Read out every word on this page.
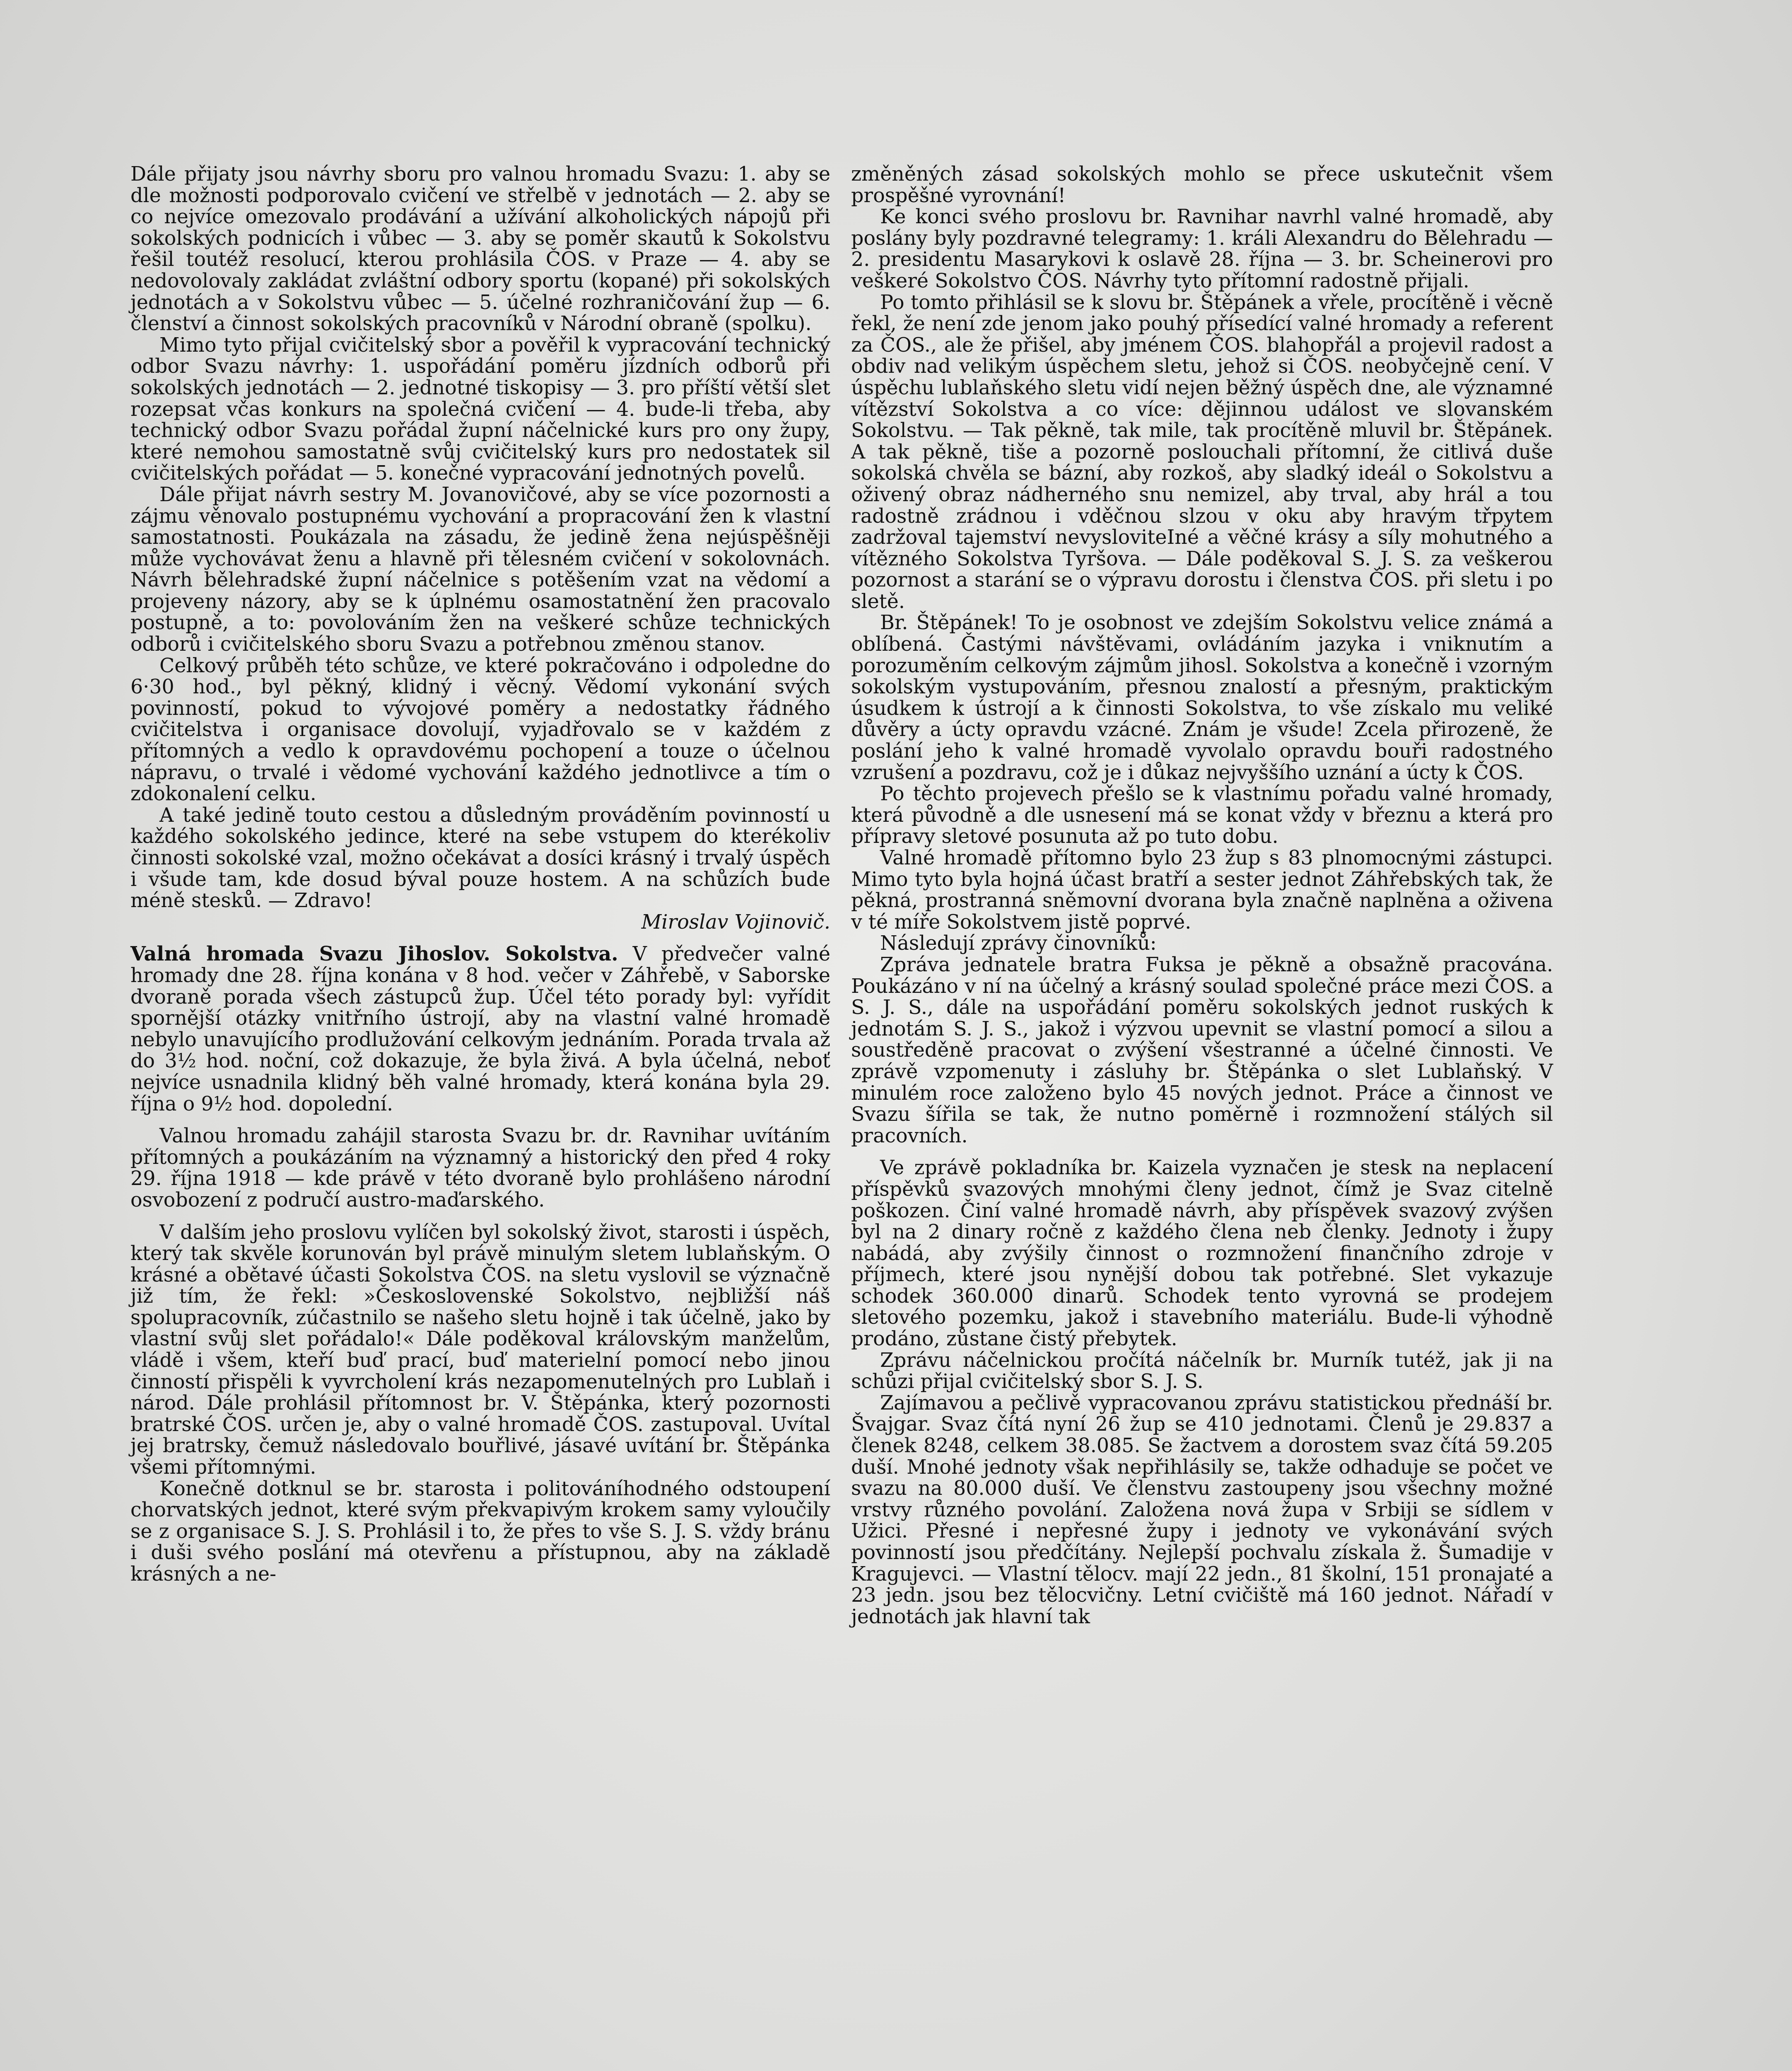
Dále přijaty jsou návrhy sboru pro valnou hromadu Svazu: 1. aby se dle možnosti podporovalo cvičení ve střelbě v jednotách — 2. aby se co nejvíce omezovalo prodávání a užívání alkoholických nápojů při sokolských podnicích i vůbec — 3. aby se poměr skautů k Sokolstvu řešil toutéž resolucí, kterou prohlásila ČOS. v Praze — 4. aby se nedovolovaly zakládat zvláštní odbory sportu (kopané) při sokolských jednotách a v Sokolstvu vůbec — 5. účelné rozhraničování žup — 6. členství a činnost sokolských pracovníků v Národní obraně (spolku).

Mimo tyto přijal cvičitelský sbor a pověřil k vypracování technický odbor Svazu návrhy: 1. uspořádání poměru jízdních odborů při sokolských jednotách — 2. jednotné tiskopisy — 3. pro příští větší slet rozepsat včas konkurs na společná cvičení — 4. bude-li třeba, aby technický odbor Svazu pořádal župní náčelnické kurs pro ony župy, které nemohou samostatně svůj cvičitelský kurs pro nedostatek sil cvičitelských pořádat — 5. konečné vypracování jednotných povelů.

Dále přijat návrh sestry M. Jovanovičové, aby se více pozornosti a zájmu věnovalo postupnému vychování a propracování žen k vlastní samostatnosti. Poukázala na zásadu, že jedině žena nejúspěšněji může vychovávat ženu a hlavně při tělesném cvičení v sokolovnách. Návrh bělehradské župní náčelnice s potěšením vzat na vědomí a projeveny názory, aby se k úplnému osamostatnění žen pracovalo postupně, a to: povolováním žen na veškeré schůze technických odborů i cvičitelského sboru Svazu a potřebnou změnou stanov.

Celkový průběh této schůze, ve které pokračováno i odpoledne do 6·30 hod., byl pěkný, klidný i věcný. Vědomí vykonání svých povinností, pokud to vývojové poměry a nedostatky řádného cvičitelstva i organisace dovolují, vyjadřovalo se v každém z přítomných a vedlo k opravdovému pochopení a touze o účelnou nápravu, o trvalé i vědomé vychování každého jednotlivce a tím o zdokonalení celku.

A také jedině touto cestou a důsledným prováděním povinností u každého sokolského jedince, které na sebe vstupem do kterékoliv činnosti sokolské vzal, možno očekávat a dosíci krásný i trvalý úspěch i všude tam, kde dosud býval pouze hostem. A na schůzích bude méně stesků. — Zdravo!

Miroslav Vojinovič.

Valná hromada Svazu Jihoslov. Sokolstva. V předvečer valné hromady dne 28. října konána v 8 hod. večer v Záhřebě, v Saborske dvoraně porada všech zástupců žup. Účel této porady byl: vyřídit spornější otázky vnitřního ústrojí, aby na vlastní valné hromadě nebylo unavujícího prodlužování celkovým jednáním. Porada trvala až do 3½ hod. noční, což dokazuje, že byla živá. A byla účelná, neboť nejvíce usnadnila klidný běh valné hromady, která konána byla 29. října o 9½ hod. dopolední.

Valnou hromadu zahájil starosta Svazu br. dr. Ravnihar uvítáním přítomných a poukázáním na významný a historický den před 4 roky 29. října 1918 — kde právě v této dvoraně bylo prohlášeno národní osvobození z područí austro-maďarského.

V dalším jeho proslovu vylíčen byl sokolský život, starosti i úspěch, který tak skvěle korunován byl právě minulým sletem lublaňským. O krásné a obětavé účasti Sokolstva ČOS. na sletu vyslovil se význačně již tím, že řekl: »Československé Sokolstvo, nejbližší náš spolupracovník, zúčastnilo se našeho sletu hojně i tak účelně, jako by vlastní svůj slet pořádalo!« Dále poděkoval královským manželům, vládě i všem, kteří buď prací, buď materielní pomocí nebo jinou činností přispěli k vyvrcholení krás nezapomenutelných pro Lublaň i národ. Dále prohlásil přítomnost br. V. Štěpánka, který pozornosti bratrské ČOS. určen je, aby o valné hromadě ČOS. zastupoval. Uvítal jej bratrsky, čemuž následovalo bouřlivé, jásavé uvítání br. Štěpánka všemi přítomnými.

Konečně dotknul se br. starosta i politováníhodného odstoupení chorvatských jednot, které svým překvapivým krokem samy vyloučily se z organisace S. J. S. Prohlásil i to, že přes to vše S. J. S. vždy bránu i duši svého poslání má otevřenu a přístupnou, aby na základě krásných a ne-

změněných zásad sokolských mohlo se přece uskutečnit všem prospěšné vyrovnání!

Ke konci svého proslovu br. Ravnihar navrhl valné hromadě, aby poslány byly pozdravné telegramy: 1. králi Alexandru do Bělehradu — 2. presidentu Masarykovi k oslavě 28. října — 3. br. Scheinerovi pro veškeré Sokolstvo ČOS. Návrhy tyto přítomní radostně přijali.

Po tomto přihlásil se k slovu br. Štěpánek a vřele, procítěně i věcně řekl, že není zde jenom jako pouhý přísedící valné hromady a referent za ČOS., ale že přišel, aby jménem ČOS. blahopřál a projevil radost a obdiv nad velikým úspěchem sletu, jehož si ČOS. neobyčejně cení. V úspěchu lublaňského sletu vidí nejen běžný úspěch dne, ale významné vítězství Sokolstva a co více: dějinnou událost ve slovanském Sokolstvu. — Tak pěkně, tak mile, tak procítěně mluvil br. Štěpánek. A tak pěkně, tiše a pozorně poslouchali přítomní, že citlivá duše sokolská chvěla se bázní, aby rozkoš, aby sladký ideál o Sokolstvu a oživený obraz nádherného snu nemizel, aby trval, aby hrál a tou radostně zrádnou i vděčnou slzou v oku aby hravým třpytem zadržoval tajemství nevysloviteIné a věčné krásy a síly mohutného a vítězného Sokolstva Tyršova. — Dále poděkoval S. J. S. za veškerou pozornost a starání se o výpravu dorostu i členstva ČOS. při sletu i po sletě.

Br. Štěpánek! To je osobnost ve zdejším Sokolstvu velice známá a oblíbená. Častými návštěvami, ovládáním jazyka i vniknutím a porozuměním celkovým zájmům jihosl. Sokolstva a konečně i vzorným sokolským vystupováním, přesnou znalostí a přesným, praktickým úsudkem k ústrojí a k činnosti Sokolstva, to vše získalo mu veliké důvěry a úcty opravdu vzácné. Znám je všude! Zcela přirozeně, že poslání jeho k valné hromadě vyvolalo opravdu bouři radostného vzrušení a pozdravu, což je i důkaz nejvyššího uznání a úcty k ČOS.

Po těchto projevech přešlo se k vlastnímu pořadu valné hromady, která původně a dle usnesení má se konat vždy v březnu a která pro přípravy sletové posunuta až po tuto dobu.

Valné hromadě přítomno bylo 23 žup s 83 plnomocnými zástupci. Mimo tyto byla hojná účast bratří a sester jednot Záhřebských tak, že pěkná, prostranná sněmovní dvorana byla značně naplněna a oživena v té míře Sokolstvem jistě poprvé.

Následují zprávy činovníků:

Zpráva jednatele bratra Fuksa je pěkně a obsažně pracována. Poukázáno v ní na účelný a krásný soulad společné práce mezi ČOS. a S. J. S., dále na uspořádání poměru sokolských jednot ruských k jednotám S. J. S., jakož i výzvou upevnit se vlastní pomocí a silou a soustředěně pracovat o zvýšení všestranné a účelné činnosti. Ve zprávě vzpomenuty i zásluhy br. Štěpánka o slet Lublaňský. V minulém roce založeno bylo 45 nových jednot. Práce a činnost ve Svazu šířila se tak, že nutno poměrně i rozmnožení stálých sil pracovních.

Ve zprávě pokladníka br. Kaizela vyznačen je stesk na neplacení příspěvků svazových mnohými členy jednot, čímž je Svaz citelně poškozen. Činí valné hromadě návrh, aby příspěvek svazový zvýšen byl na 2 dinary ročně z každého člena neb členky. Jednoty i župy nabádá, aby zvýšily činnost o rozmnožení finančního zdroje v příjmech, které jsou nynější dobou tak potřebné. Slet vykazuje schodek 360.000 dinarů. Schodek tento vyrovná se prodejem sletového pozemku, jakož i stavebního materiálu. Bude-li výhodně prodáno, zůstane čistý přebytek.

Zprávu náčelnickou pročítá náčelník br. Murník tutéž, jak ji na schůzi přijal cvičitelský sbor S. J. S.

Zajímavou a pečlivě vypracovanou zprávu statistickou přednáší br. Švajgar. Svaz čítá nyní 26 žup se 410 jednotami. Členů je 29.837 a členek 8248, celkem 38.085. Se žactvem a dorostem svaz čítá 59.205 duší. Mnohé jednoty však nepřihlásily se, takže odhaduje se počet ve svazu na 80.000 duší. Ve členstvu zastoupeny jsou všechny možné vrstvy různého povolání. Založena nová župa v Srbiji se sídlem v Užici. Přesné i nepřesné župy i jednoty ve vykonávání svých povinností jsou předčítány. Nejlepší pochvalu získala ž. Šumadije v Kragujevci. — Vlastní tělocv. mají 22 jedn., 81 školní, 151 pronajaté a 23 jedn. jsou bez tělocvičny. Letní cvičiště má 160 jednot. Nářadí v jednotách jak hlavní tak
